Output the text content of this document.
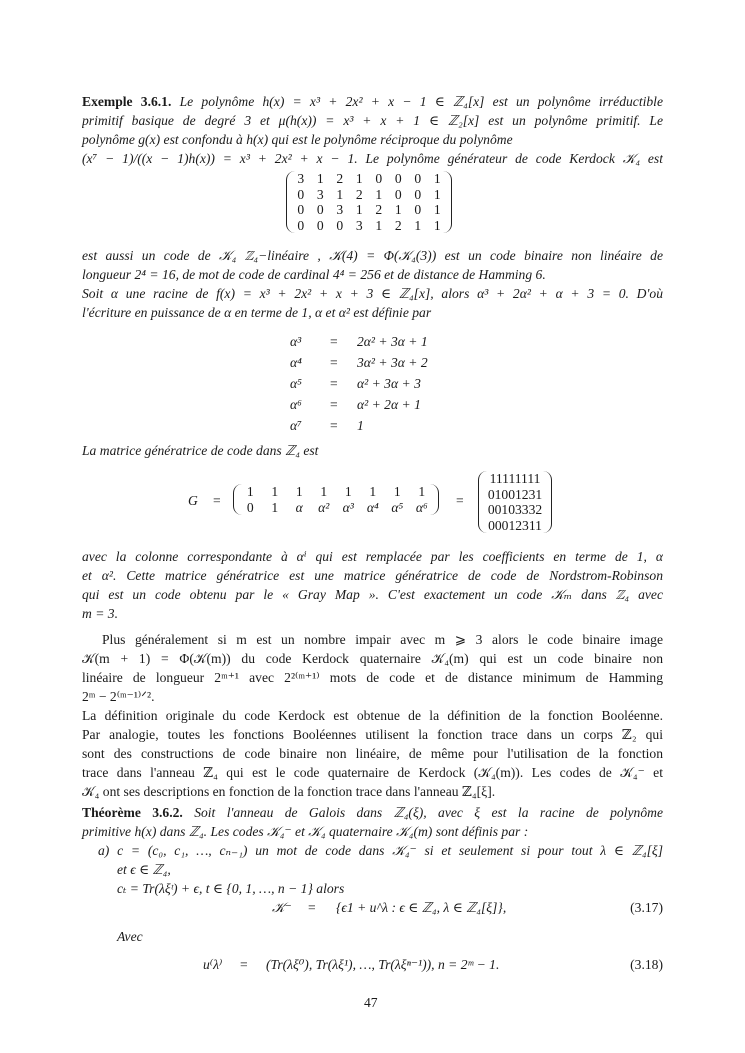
Exemple 3.6.1. Le polynôme h(x) = x³ + 2x² + x − 1 ∈ ℤ₄[x] est un polynôme irréductible
primitif basique de degré 3 et μ(h(x)) = x³ + x + 1 ∈ ℤ₂[x] est un polynôme primitif. Le
polynôme g(x) est confondu à h(x) qui est le polynôme réciproque du polynôme
(x⁷ − 1)/((x − 1)h(x)) = x³ + 2x² + x − 1. Le polynôme générateur de code Kerdock 𝒦₄ est
3 1 2 1 0 0 0 1
0 3 1 2 1 0 0 1
0 0 3 1 2 1 0 1
0 0 0 3 1 2 1 1
est aussi un code de 𝒦₄ ℤ₄−linéaire , 𝒦(4) = Φ(𝒦₄(3)) est un code binaire non linéaire de
longueur 2⁴ = 16, de mot de code de cardinal 4⁴ = 256 et de distance de Hamming 6.
Soit α une racine de f(x) = x³ + 2x² + x + 3 ∈ ℤ₄[x], alors α³ + 2α² + α + 3 = 0. D'où
l'écriture en puissance de α en terme de 1, α et α² est définie par
α³ = 2α² + 3α + 1
α⁴ = 3α² + 3α + 2
α⁵ = α² + 3α + 3
α⁶ = α² + 2α + 1
α⁷ = 1
La matrice génératrice de code dans ℤ₄ est
G =
1	1	1	1	1	1	1	1
0	1	α	α² α³ α⁴ α⁵ α⁶	=
11111111
01001231
00103332
00012311
avec la colonne correspondante à αⁱ qui est remplacée par les coefficients en terme de 1, α
et α². Cette matrice génératrice est une matrice génératrice de code de Nordstrom-Robinson
qui est un code obtenu par le « Gray Map ». C'est exactement un code 𝒦ₘ dans ℤ₄ avec
m = 3.
Plus généralement si m est un nombre impair avec m ⩾ 3 alors le code binaire image
𝒦(m + 1) = Φ(𝒦(m)) du code Kerdock quaternaire 𝒦₄(m) qui est un code binaire non
linéaire de longueur 2ᵐ⁺¹ avec 2²⁽ᵐ⁺¹⁾ mots de code et de distance minimum de Hamming
2ᵐ − 2⁽ᵐ⁻¹⁾ᐟ².
La définition originale du code Kerdock est obtenue de la définition de la fonction Booléenne.
Par analogie, toutes les fonctions Booléennes utilisent la fonction trace dans un corps ℤ₂ qui
sont des constructions de code binaire non linéaire, de même pour l'utilisation de la fonction
trace dans l'anneau ℤ₄ qui est le code quaternaire de Kerdock (𝒦₄(m)). Les codes de 𝒦₄⁻ et
𝒦₄ ont ses descriptions en fonction de la fonction trace dans l'anneau ℤ₄[ξ].
Théorème 3.6.2. Soit l'anneau de Galois dans ℤ₄(ξ), avec ξ est la racine de polynôme
primitive h(x) dans ℤ₄. Les codes 𝒦₄⁻ et 𝒦₄ quaternaire 𝒦₄(m) sont définis par :
a) c = (c₀, c₁, …, cₙ₋₁) un mot de code dans 𝒦₄⁻ si et seulement si pour tout λ ∈ ℤ₄[ξ]
et ϵ ∈ ℤ₄,
cₜ = Tr(λξᵗ) + ϵ, t ∈ {0, 1, …, n − 1} alors
𝒦⁻ = {ϵ1 + u^λ : ϵ ∈ ℤ₄, λ ∈ ℤ₄[ξ]},	(3.17)
Avec
u⁽λ⁾ = (Tr(λξ⁰), Tr(λξ¹), …, Tr(λξⁿ⁻¹)), n = 2ᵐ − 1.	(3.18)
47
